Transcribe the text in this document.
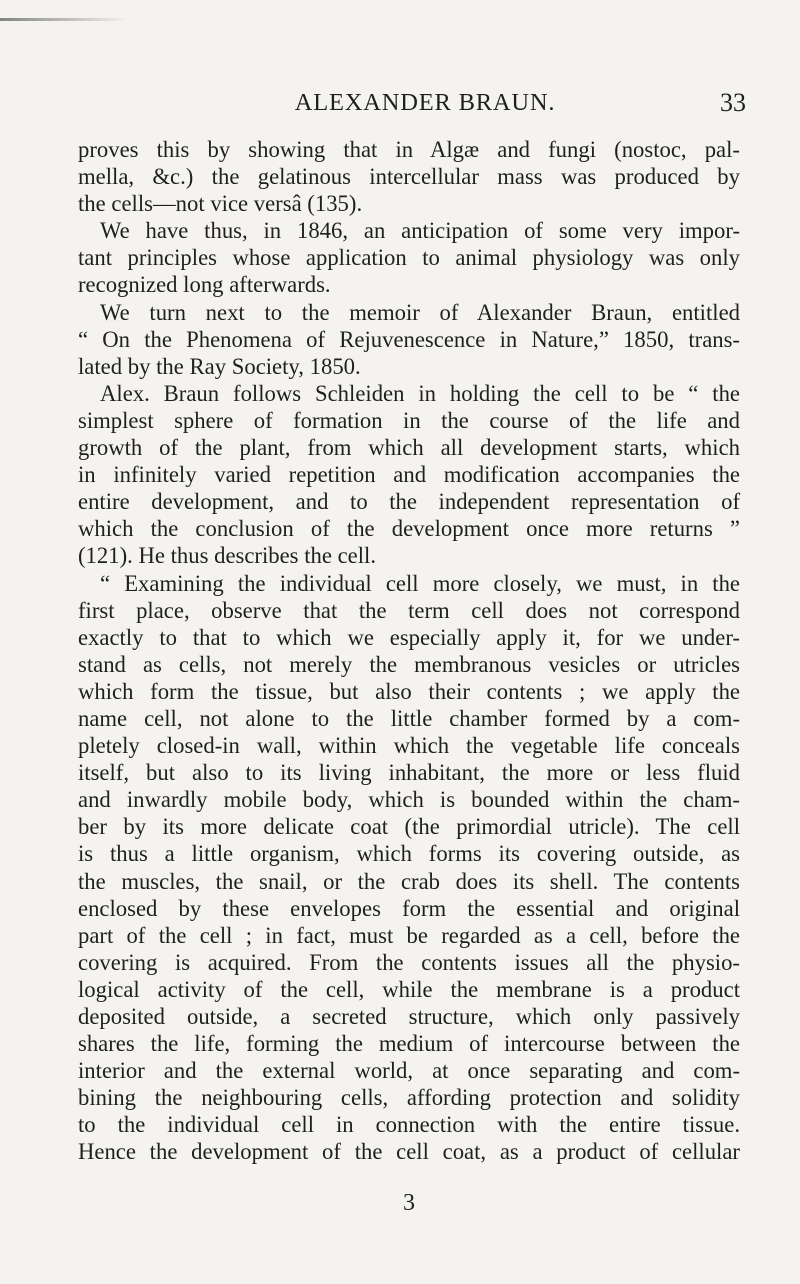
ALEXANDER BRAUN.	33
proves this by showing that in Algæ and fungi (nostoc, pal-
mella, &c.) the gelatinous intercellular mass was produced by
the cells—not vice versâ (135).
We have thus, in 1846, an anticipation of some very impor-
tant principles whose application to animal physiology was only
recognized long afterwards.
We turn next to the memoir of Alexander Braun, entitled
“ On the Phenomena of Rejuvenescence in Nature,” 1850, trans-
lated by the Ray Society, 1850.
Alex. Braun follows Schleiden in holding the cell to be “ the
simplest sphere of formation in the course of the life and
growth of the plant, from which all development starts, which
in infinitely varied repetition and modification accompanies the
entire development, and to the independent representation of
which the conclusion of the development once more returns ”
(121). He thus describes the cell.
“ Examining the individual cell more closely, we must, in the
first place, observe that the term cell does not correspond
exactly to that to which we especially apply it, for we under-
stand as cells, not merely the membranous vesicles or utricles
which form the tissue, but also their contents ; we apply the
name cell, not alone to the little chamber formed by a com-
pletely closed-in wall, within which the vegetable life conceals
itself, but also to its living inhabitant, the more or less fluid
and inwardly mobile body, which is bounded within the cham-
ber by its more delicate coat (the primordial utricle). The cell
is thus a little organism, which forms its covering outside, as
the muscles, the snail, or the crab does its shell. The contents
enclosed by these envelopes form the essential and original
part of the cell ; in fact, must be regarded as a cell, before the
covering is acquired. From the contents issues all the physio-
logical activity of the cell, while the membrane is a product
deposited outside, a secreted structure, which only passively
shares the life, forming the medium of intercourse between the
interior and the external world, at once separating and com-
bining the neighbouring cells, affording protection and solidity
to the individual cell in connection with the entire tissue.
Hence the development of the cell coat, as a product of cellular
3
